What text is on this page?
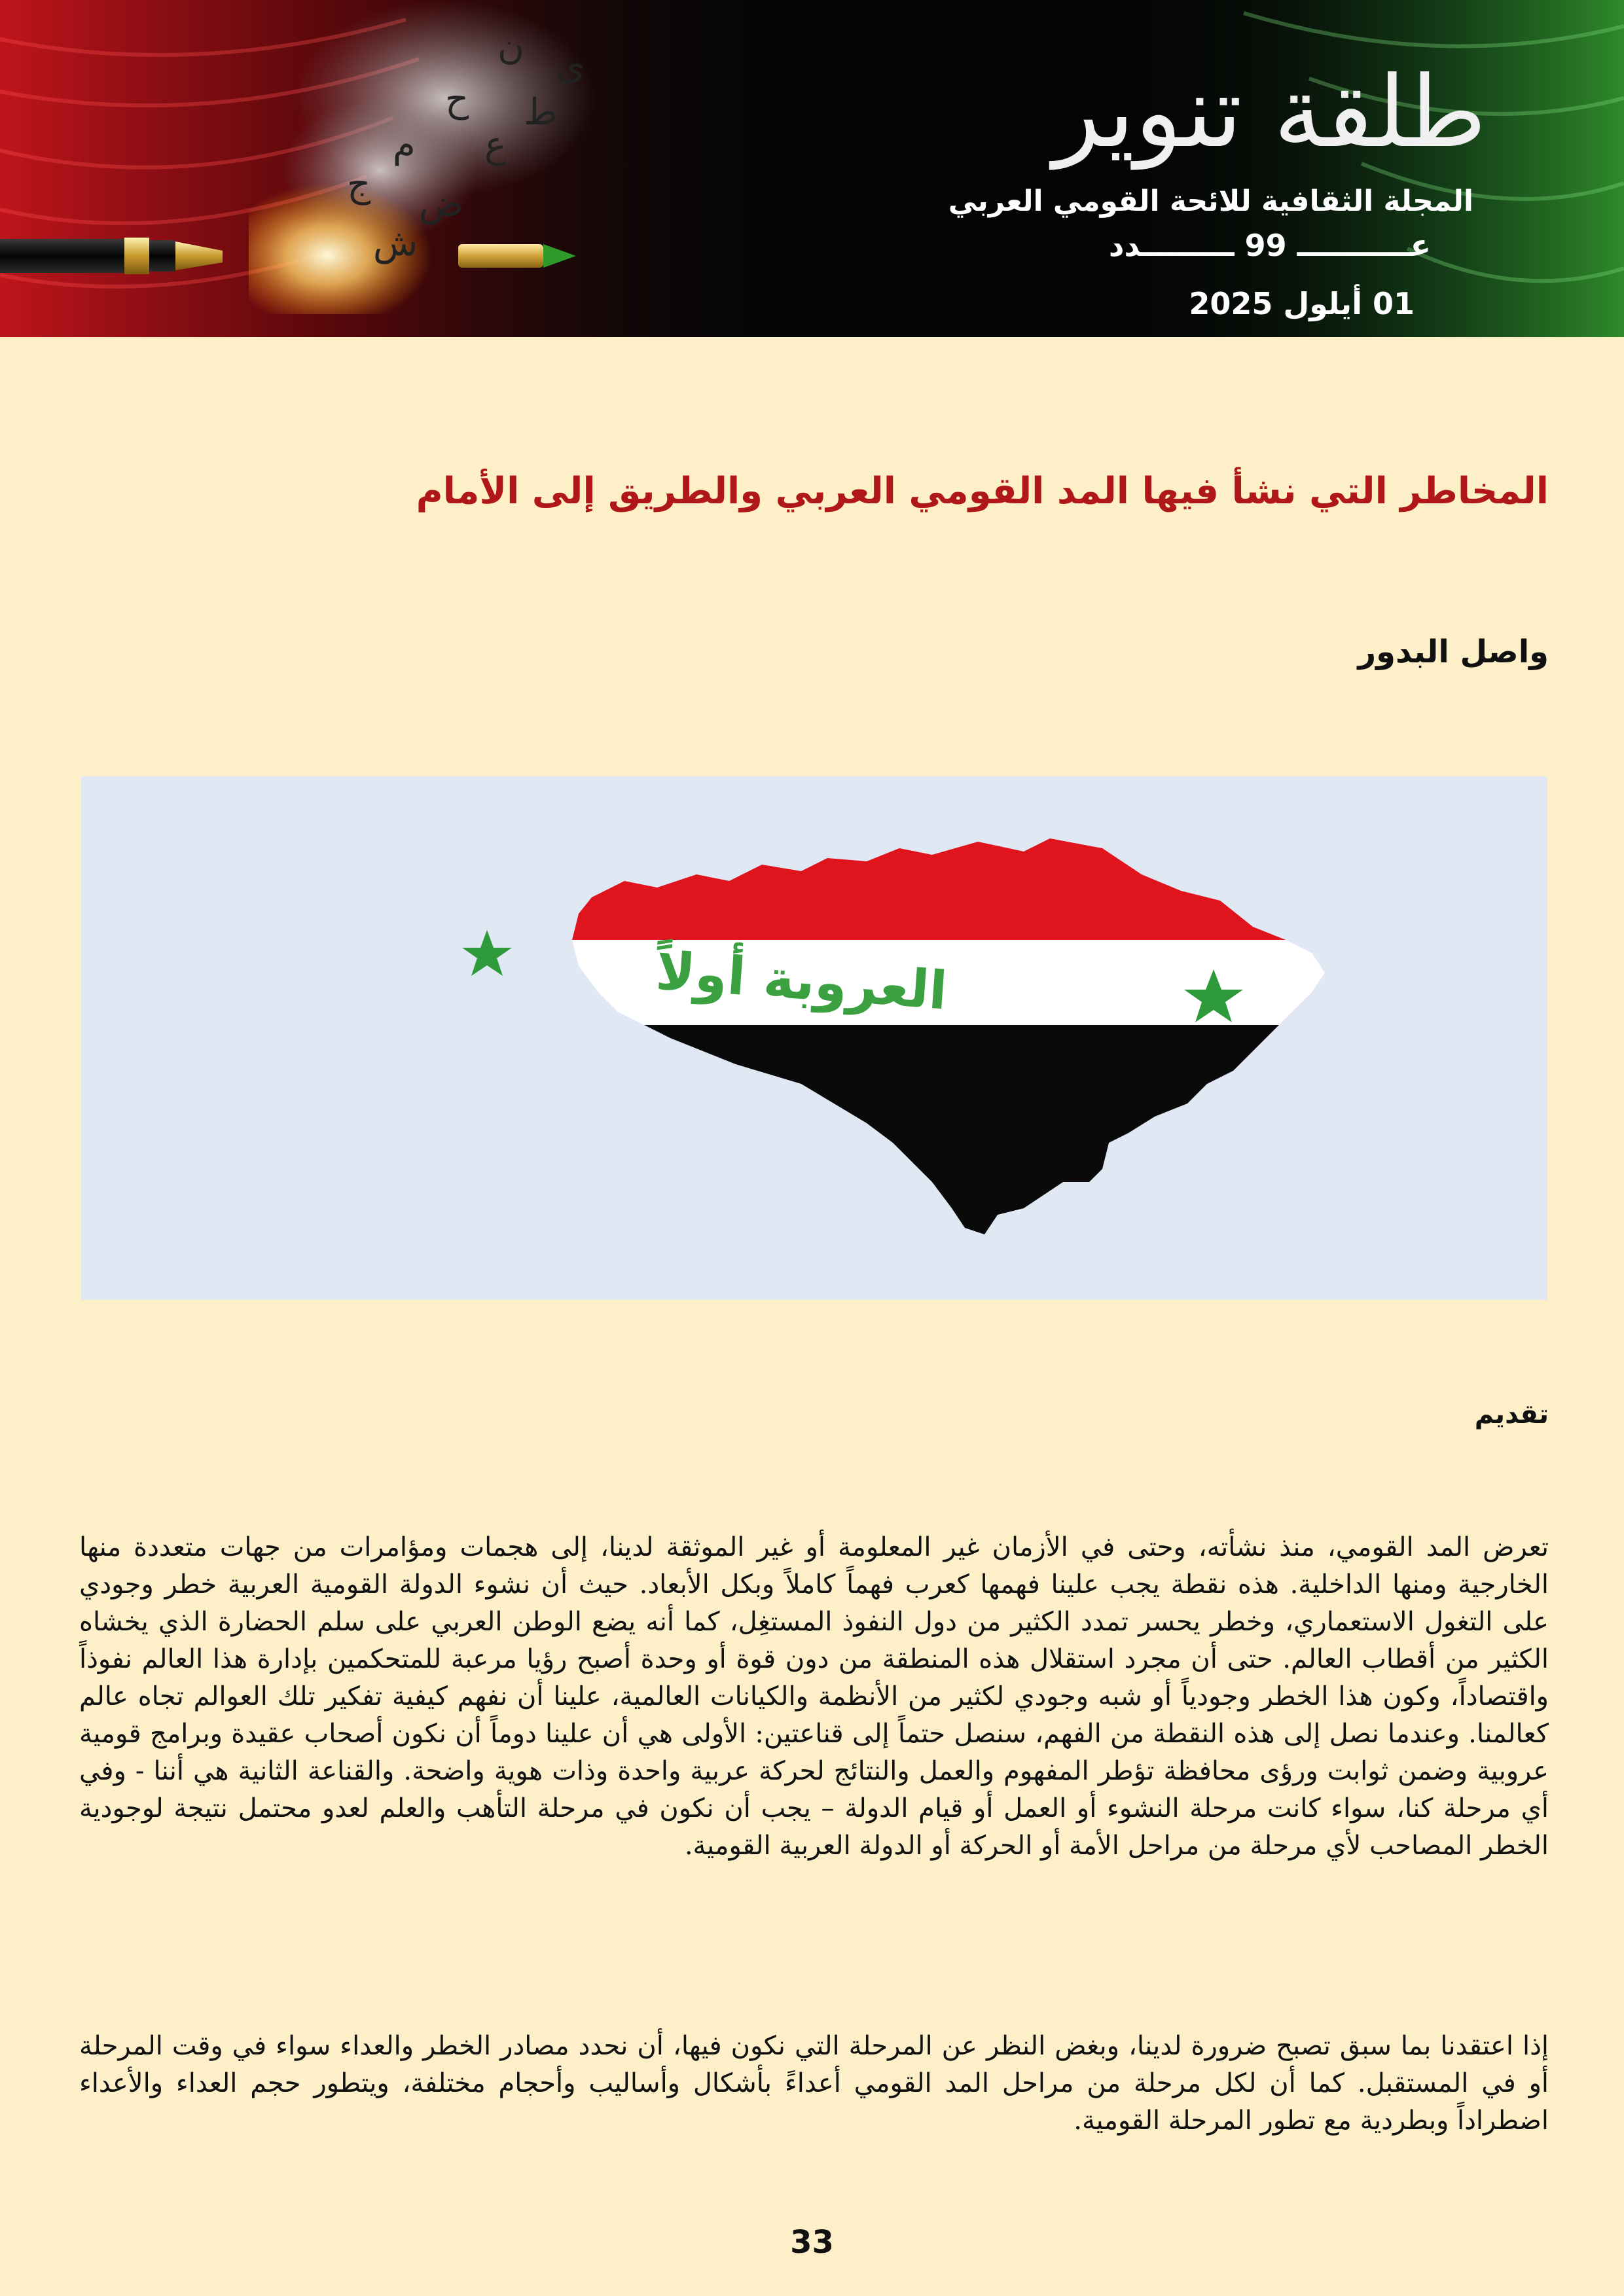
ى
ن
ح
م ع
ج ض
ش
ط	طلقة تنوير
المجلة الثقافية للائحة القومي العربي
عـــــــــــ 99 ـــــــــدد
01 أيلول 2025
المخاطر التي نشأ فيها المد القومي العربي والطريق إلى الأمام
واصل البدور
العروبة أولاً
تقديم

تعرض المد القومي، منذ نشأته، وحتى في الأزمان غير المعلومة أو غير الموثقة لدينا، إلى هجمات ومؤامرات من جهات متعددة منها الخارجية ومنها الداخلية. هذه نقطة يجب علينا فهمها كعرب فهماً كاملاً وبكل الأبعاد. حيث أن نشوء الدولة القومية العربية خطر وجودي على التغول الاستعماري، وخطر يحسر تمدد الكثير من دول النفوذ المستغِل، كما أنه يضع الوطن العربي على سلم الحضارة الذي يخشاه الكثير من أقطاب العالم. حتى أن مجرد استقلال هذه المنطقة من دون قوة أو وحدة أصبح رؤيا مرعبة للمتحكمين بإدارة هذا العالم نفوذاً واقتصاداً، وكون هذا الخطر وجودياً أو شبه وجودي لكثير من الأنظمة والكيانات العالمية، علينا أن نفهم كيفية تفكير تلك العوالم تجاه عالم كعالمنا. وعندما نصل إلى هذه النقطة من الفهم، سنصل حتماً إلى قناعتين: الأولى هي أن علينا دوماً أن نكون أصحاب عقيدة وبرامج قومية عروبية وضمن ثوابت ورؤى محافظة تؤطر المفهوم والعمل والنتائج لحركة عربية واحدة وذات هوية واضحة. والقناعة الثانية هي أننا - وفي أي مرحلة كنا، سواء كانت مرحلة النشوء أو العمل أو قيام الدولة – يجب أن نكون في مرحلة التأهب والعلم لعدو محتمل نتيجة لوجودية الخطر المصاحب لأي مرحلة من مراحل الأمة أو الحركة أو الدولة العربية القومية.

إذا اعتقدنا بما سبق تصبح ضرورة لدينا، وبغض النظر عن المرحلة التي نكون فيها، أن نحدد مصادر الخطر والعداء سواء في وقت المرحلة أو في المستقبل. كما أن لكل مرحلة من مراحل المد القومي أعداءً بأشكال وأساليب وأحجام مختلفة، ويتطور حجم العداء والأعداء اضطراداً وبطردية مع تطور المرحلة القومية.

33
